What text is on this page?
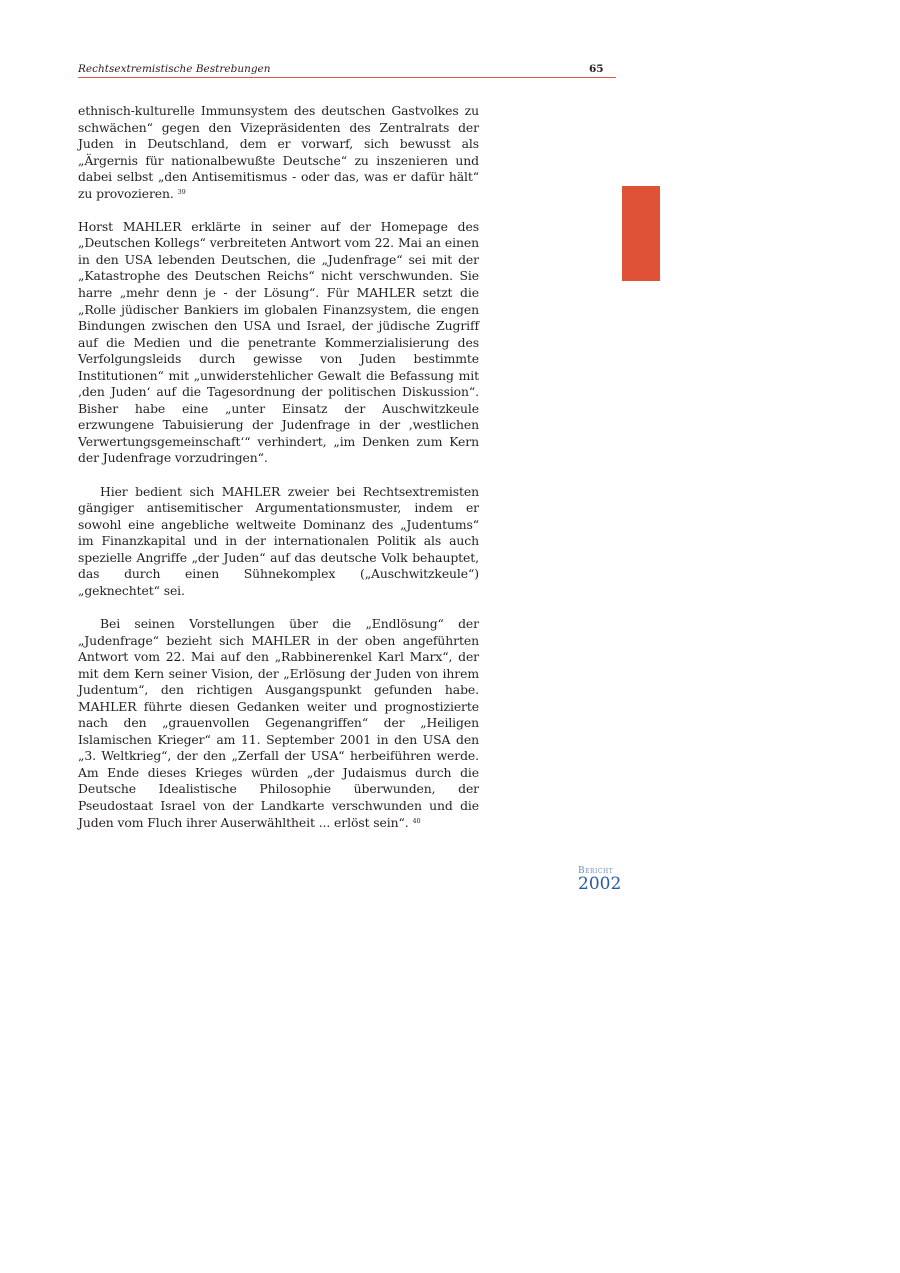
Rechtsextremistische Bestrebungen	65

ethnisch-kulturelle Immunsystem des deutschen Gastvolkes zu schwächen“ gegen den Vizepräsidenten des Zentralrats der Juden in Deutschland, dem er vorwarf, sich bewusst als „Ärgernis für nationalbewußte Deutsche“ zu inszenieren und dabei selbst „den Antisemitismus - oder das, was er dafür hält“ zu provozieren. $^{39}$

Horst MAHLER erklärte in seiner auf der Homepage des „Deutschen Kollegs“ verbreiteten Antwort vom 22. Mai an einen in den USA lebenden Deutschen, die „Judenfrage“ sei mit der „Katastrophe des Deutschen Reichs“ nicht verschwunden. Sie harre „mehr denn je - der Lösung“. Für MAHLER setzt die „Rolle jüdischer Bankiers im globalen Finanzsystem, die engen Bindungen zwischen den USA und Israel, der jüdische Zugriff auf die Medien und die penetrante Kommerzialisierung des Verfolgungsleids durch gewisse von Juden bestimmte Institutionen“ mit „unwiderstehlicher Gewalt die Befassung mit ‚den Juden‘ auf die Tagesordnung der politischen Diskussion“. Bisher habe eine „unter Einsatz der Auschwitzkeule erzwungene Tabuisierung der Judenfrage in der ‚westlichen Verwertungsgemeinschaft‘“ verhindert, „im Denken zum Kern der Judenfrage vorzudringen“.

Hier bedient sich MAHLER zweier bei Rechtsextremisten gängiger antisemitischer Argumentationsmuster, indem er sowohl eine angebliche weltweite Dominanz des „Judentums“ im Finanzkapital und in der internationalen Politik als auch spezielle Angriffe „der Juden“ auf das deutsche Volk behauptet, das durch einen Sühnekomplex („Auschwitzkeule“) „geknechtet“ sei.

Bei seinen Vorstellungen über die „Endlösung“ der „Judenfrage“ bezieht sich MAHLER in der oben angeführten Antwort vom 22. Mai auf den „Rabbinerenkel Karl Marx“, der mit dem Kern seiner Vision, der „Erlösung der Juden von ihrem Judentum“, den richtigen Ausgangspunkt gefunden habe. MAHLER führte diesen Gedanken weiter und prognostizierte nach den „grauenvollen Gegenangriffen“ der „Heiligen Islamischen Krieger“ am 11. September 2001 in den USA den „3. Weltkrieg“, der den „Zerfall der USA“ herbeiführen werde. Am Ende dieses Krieges würden „der Judaismus durch die Deutsche Idealistische Philosophie überwunden, der Pseudostaat Israel von der Landkarte verschwunden und die Juden vom Fluch ihrer Auserwähltheit ... erlöst sein“. $^{40}$

Bericht
2002
